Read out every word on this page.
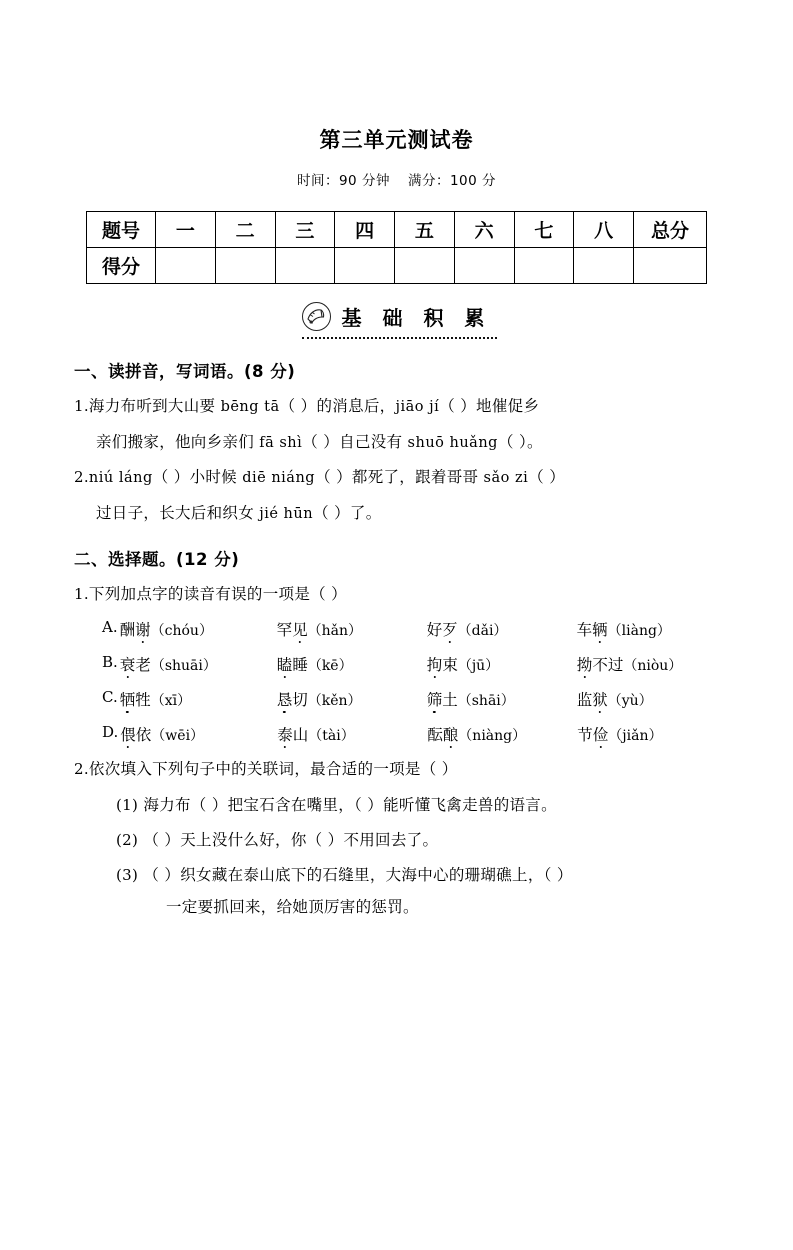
第三单元测试卷
时间：90 分钟 满分：100 分
题号	一	二	三	四	五	六	七	八	总分
得分									
基 础 积 累
一、读拼音，写词语。(8 分)
1.海力布听到大山要 bēng tā（ ）的消息后，jiāo jí（ ）地催促乡
亲们搬家，他向乡亲们 fā shì（ ）自己没有 shuō huǎng（ ）。
2.niú láng（ ）小时候 diē niáng（ ）都死了，跟着哥哥 sǎo zi（ ）
过日子，长大后和织女 jié hūn（ ）了。
二、选择题。(12 分)
1.下列加点字的读音有误的一项是（ ）
A. 酬谢（chóu）	罕见（hǎn）	好歹（dǎi）	车辆（liàng）
B. 衰老（shuāi）	瞌睡（kē）	拘束（jū）	拗不过（niòu）
C. 牺牲（xī）	恳切（kěn）	筛土（shāi）	监狱（yù）
D. 偎依（wēi）	泰山（tài）	酝酿（niàng）	节俭（jiǎn）
2.依次填入下列句子中的关联词，最合适的一项是（ ）
(1) 海力布（ ）把宝石含在嘴里，（ ）能听懂飞禽走兽的语言。
(2) （ ）天上没什么好，你（ ）不用回去了。
(3) （ ）织女藏在泰山底下的石缝里，大海中心的珊瑚礁上，（ ）
一定要抓回来，给她顶厉害的惩罚。
